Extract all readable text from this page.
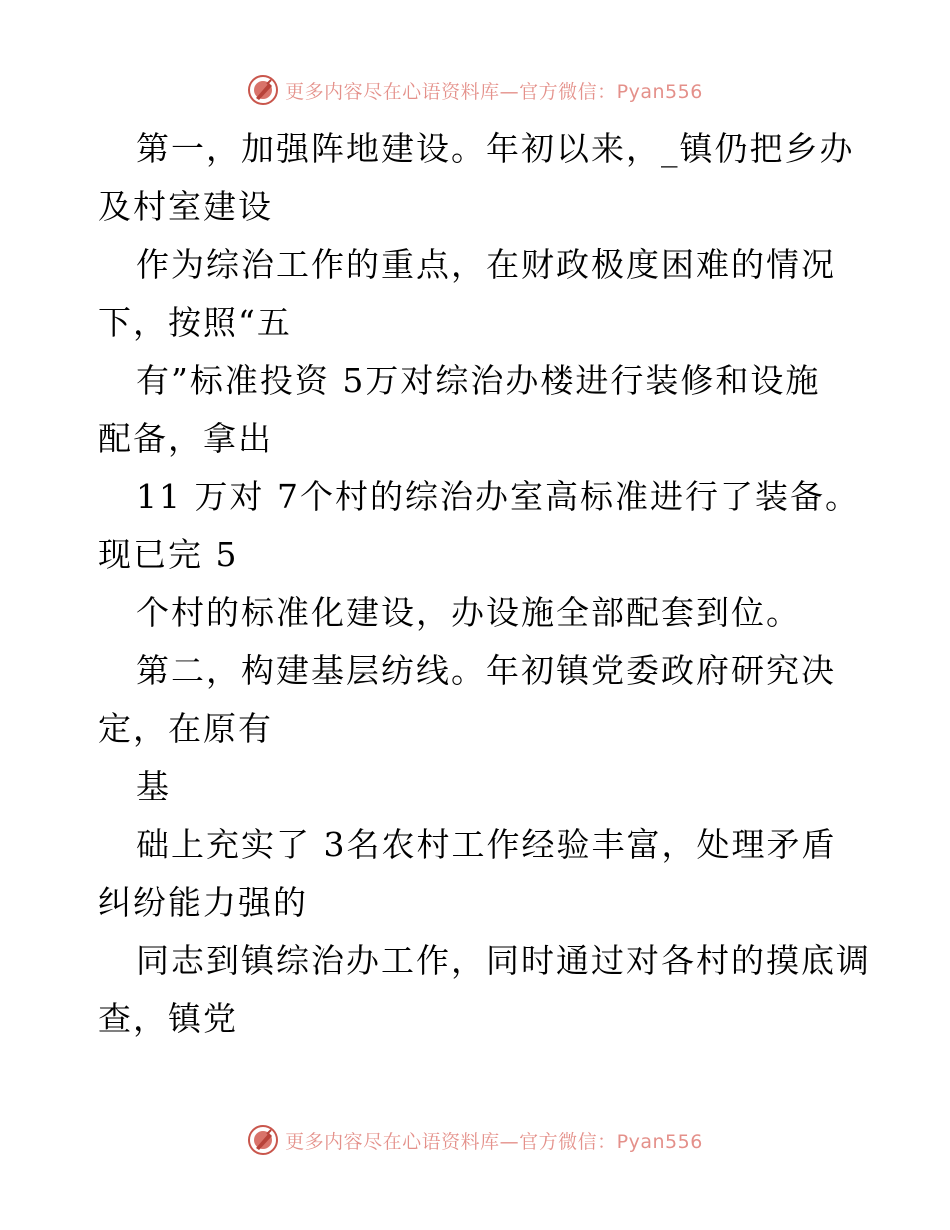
更多内容尽在心语资料库—官方微信：Pyan556
第一，加强阵地建设。年初以来，_镇仍把乡办
及村室建设
作为综治工作的重点，在财政极度困难的情况
下，按照“五
有”标准投资 5万对综治办楼进行装修和设施
配备，拿出
11 万对 7个村的综治办室高标准进行了装备。
现已完 5
个村的标准化建设，办设施全部配套到位。
第二，构建基层纺线。年初镇党委政府研究决
定，在原有
基
础上充实了 3名农村工作经验丰富，处理矛盾
纠纷能力强的
同志到镇综治办工作，同时通过对各村的摸底调
查，镇党
更多内容尽在心语资料库—官方微信：Pyan556
